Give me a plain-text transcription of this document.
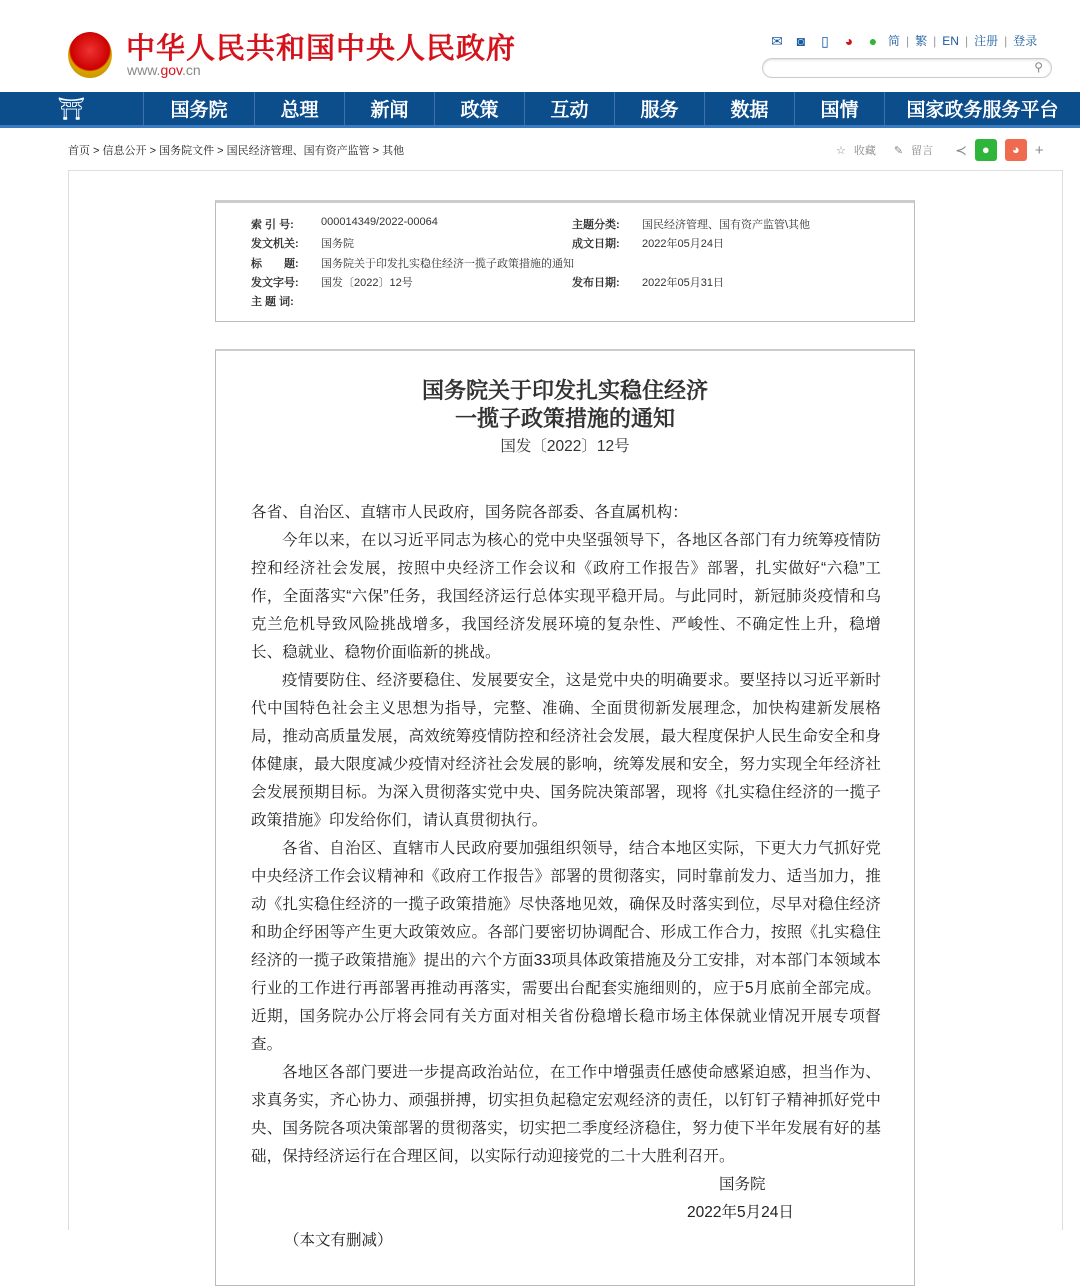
中华人民共和国中央人民政府
www.gov.cn
✉ ◙	▯	◕	● 简 | 繁 | EN | 注册 | 登录
⚲
⛩	国务院	总理	新闻	政策	互动	服务	数据	国情	国家政务服务平台
首页 > 信息公开 > 国务院文件 > 国民经济管理、国有资产监管 > 其他	☆ 收藏 ✎ 留言 ≺	●	◕	+
索 引 号:	000014349/2022-00064	主题分类:	国民经济管理、国有资产监管\其他
发文机关:	国务院	成文日期:	2022年05月24日
标　　题:	国务院关于印发扎实稳住经济一揽子政策措施的通知
发文字号:	国发〔2022〕12号	发布日期:	2022年05月31日
主 题 词:
国务院关于印发扎实稳住经济
一揽子政策措施的通知
国发〔2022〕12号

各省、自治区、直辖市人民政府，国务院各部委、各直属机构：

今年以来，在以习近平同志为核心的党中央坚强领导下，各地区各部门有力统筹疫情防控和经济社会发展，按照中央经济工作会议和《政府工作报告》部署，扎实做好“六稳”工作，全面落实“六保”任务，我国经济运行总体实现平稳开局。与此同时，新冠肺炎疫情和乌克兰危机导致风险挑战增多，我国经济发展环境的复杂性、严峻性、不确定性上升，稳增长、稳就业、稳物价面临新的挑战。

疫情要防住、经济要稳住、发展要安全，这是党中央的明确要求。要坚持以习近平新时代中国特色社会主义思想为指导，完整、准确、全面贯彻新发展理念，加快构建新发展格局，推动高质量发展，高效统筹疫情防控和经济社会发展，最大程度保护人民生命安全和身体健康，最大限度减少疫情对经济社会发展的影响，统筹发展和安全，努力实现全年经济社会发展预期目标。为深入贯彻落实党中央、国务院决策部署，现将《扎实稳住经济的一揽子政策措施》印发给你们，请认真贯彻执行。

各省、自治区、直辖市人民政府要加强组织领导，结合本地区实际，下更大力气抓好党中央经济工作会议精神和《政府工作报告》部署的贯彻落实，同时靠前发力、适当加力，推动《扎实稳住经济的一揽子政策措施》尽快落地见效，确保及时落实到位，尽早对稳住经济和助企纾困等产生更大政策效应。各部门要密切协调配合、形成工作合力，按照《扎实稳住经济的一揽子政策措施》提出的六个方面33项具体政策措施及分工安排，对本部门本领域本行业的工作进行再部署再推动再落实，需要出台配套实施细则的，应于5月底前全部完成。近期，国务院办公厅将会同有关方面对相关省份稳增长稳市场主体保就业情况开展专项督查。

各地区各部门要进一步提高政治站位，在工作中增强责任感使命感紧迫感，担当作为、求真务实，齐心协力、顽强拼搏，切实担负起稳定宏观经济的责任，以钉钉子精神抓好党中央、国务院各项决策部署的贯彻落实，切实把二季度经济稳住，努力使下半年发展有好的基础，保持经济运行在合理区间，以实际行动迎接党的二十大胜利召开。

国务院
2022年5月24日
（本文有删减）
